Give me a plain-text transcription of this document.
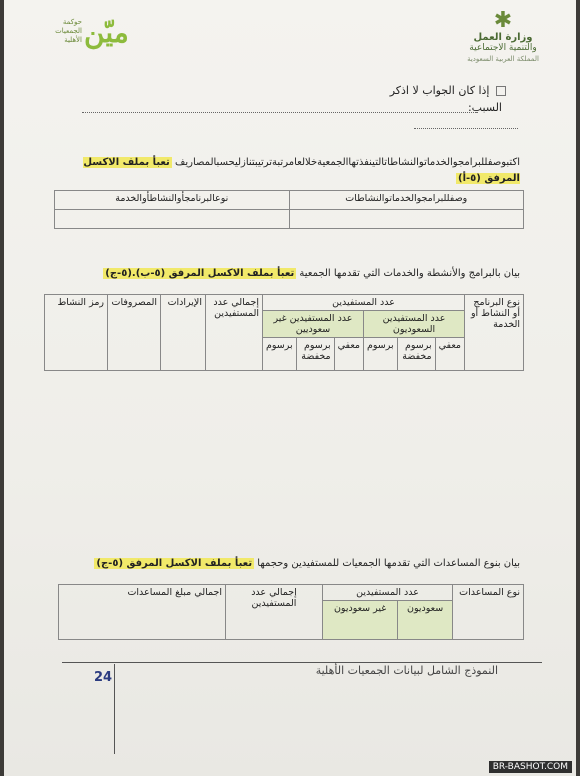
✱
وزارة العمل
والتنمية الاجتماعية
المملكة العربية السعودية
حوكمة
الجمعيات
الأهلية ميّن
إذا كان الجواب لا اذكر
السبب:
اكتبوصفللبرامجوالخدماتوالنشاطاتالتينفذتهاالجمعيةخلالعامرتبةترتيبتنازليحسبالمصاريف تعبأ بملف الاكسل المرفق (٥-أ)
وصفللبرامجوالخدماتوالنشاطات	نوعالبرنامجأوالنشاطأوالخدمة

بيان بالبرامج والأنشطة والخدمات التي تقدمها الجمعية تعبأ بملف الاكسل المرفق (٥-ب).(٥-ج)
نوع البرنامج أو النشاط أو الخدمة	عدد المستفيدين						إجمالي عدد المستفيدين	الإيرادات	المصروفات	رمز النشاط
	عدد المستفيدين السعوديون			عدد المستفيدين غير سعوديين						
	معفي	برسوم مخفضة	برسوم	معفي	برسوم مخفضة	برسوم				
بيان بنوع المساعدات التي تقدمها الجمعيات للمستفيدين وحجمها تعبأ بملف الاكسل المرفق (٥-ج)
نوع المساعدات	عدد المستفيدين		إجمالي عدد المستفيدين	اجمالي مبلغ المساعدات
	سعوديون	غير سعوديون		
24	النموذج الشامل لبيانات الجمعيات الأهلية
BR-BASHOT.COM
